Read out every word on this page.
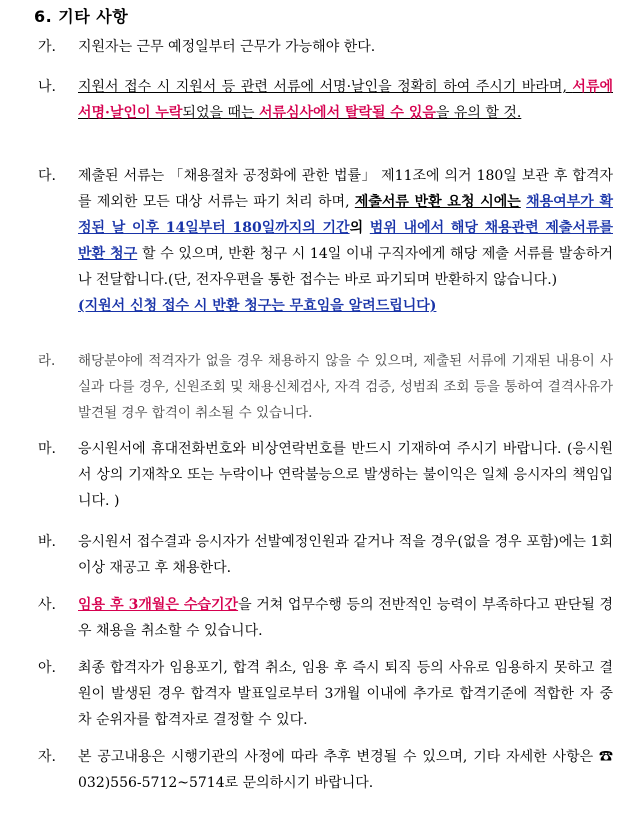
6. 기타 사항
가.	지원자는 근무 예정일부터 근무가 가능해야 한다.
나.	지원서 접수 시 지원서 등 관련 서류에 서명·날인을 정확히 하여 주시기 바라며, 서류에 서명·날인이 누락되었을 때는 서류심사에서 탈락될 수 있음을 유의 할 것.
다.	제출된 서류는 「채용절차 공정화에 관한 법률」 제11조에 의거 180일 보관 후 합격자를 제외한 모든 대상 서류는 파기 처리 하며, 제출서류 반환 요청 시에는 채용여부가 확정된 날 이후 14일부터 180일까지의 기간의 범위 내에서 해당 채용관련 제출서류를 반환 청구 할 수 있으며, 반환 청구 시 14일 이내 구직자에게 해당 제출 서류를 발송하거나 전달합니다.(단, 전자우편을 통한 접수는 바로 파기되며 반환하지 않습니다.)
(지원서 신청 접수 시 반환 청구는 무효임을 알려드립니다)
라.	해당분야에 적격자가 없을 경우 채용하지 않을 수 있으며, 제출된 서류에 기재된 내용이 사실과 다를 경우, 신원조회 및 채용신체검사, 자격 검증, 성범죄 조회 등을 통하여 결격사유가 발견될 경우 합격이 취소될 수 있습니다.
마.	응시원서에 휴대전화번호와 비상연락번호를 반드시 기재하여 주시기 바랍니다. (응시원서 상의 기재착오 또는 누락이나 연락불능으로 발생하는 불이익은 일체 응시자의 책임입니다. )
바.	응시원서 접수결과 응시자가 선발예정인원과 같거나 적을 경우(없을 경우 포함)에는 1회 이상 재공고 후 채용한다.
사.	임용 후 3개월은 수습기간을 거쳐 업무수행 등의 전반적인 능력이 부족하다고 판단될 경우 채용을 취소할 수 있습니다.
아.	최종 합격자가 임용포기, 합격 취소, 임용 후 즉시 퇴직 등의 사유로 임용하지 못하고 결원이 발생된 경우 합격자 발표일로부터 3개월 이내에 추가로 합격기준에 적합한 자 중 차 순위자를 합격자로 결정할 수 있다.
자.	본 공고내용은 시행기관의 사정에 따라 추후 변경될 수 있으며, 기타 자세한 사항은 ☎ 032)556-5712~5714로 문의하시기 바랍니다.
